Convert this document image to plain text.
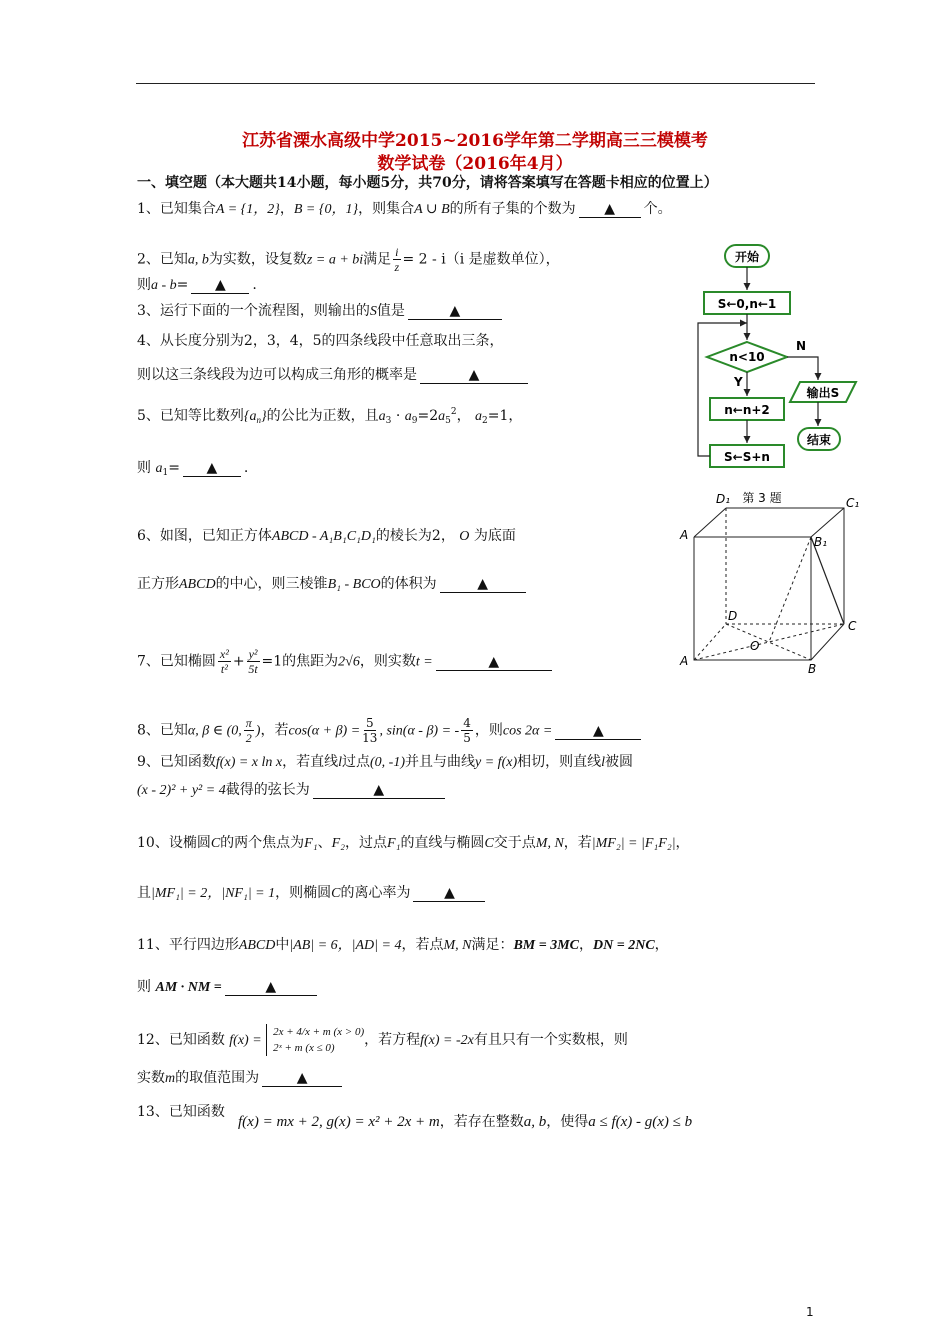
江苏省溧水高级中学2015~2016学年第二学期高三三模模考
数学试卷（2016年4月）
一、填空题（本大题共14小题，每小题5分，共70分，请将答案填写在答题卡相应的位置上）
1、已知集合A = {1，2}，B = {0，1}，则集合A ∪ B的所有子集的个数为 ▲ 个。
2、已知a, b为实数，设复数z = a + bi满足 $\frac{i}{z} = 2 - i(i$ 是虚数单位），
则a - b= ▲ .
3、运行下面的一个流程图，则输出的S值是	▲
4、从长度分别为2，3，4，5的四条线段中任意取出三条，
则以这三条线段为边可以构成三角形的概率是	▲
5、已知等比数列$\{a_n\}$的公比为正数，且$a_3 \cdot a_9=2a_5^2$， $a_2=1$，
则 $a_1=$ ▲ .
6、如图，已知正方体ABCD - A₁B₁C₁D₁的棱长为2， O 为底面
正方形ABCD的中心，则三棱锥B₁ - BCO的体积为	▲
7、已知椭圆 $\frac{\text{x²}}{\text{t²}} + \frac{\text{y²}}{5t} =1$的焦距为2√6，则实数t =	▲
8、已知α, β ∈ (0, $\frac{\pi}{2}$ )，若$\cos(\alpha + \beta) = \frac{5}{13}$ , sin(α - β) = - $\frac{4}{5}$ ，则cos 2α =	▲
9、已知函数f(x) = x ln x，若直线l过点(0, -1)并且与曲线y = f(x)相切，则直线l被圆
(x - 2)² + y² = 4截得的弦长为	▲
10、设椭圆C的两个焦点为F₁、F₂，过点F₁的直线与椭圆C交于点M, N，若|MF₂| = |F₁F₂|，
且|MF₁| = 2，|NF₁| = 1，则椭圆C的离心率为 ▲
11、平行四边形ABCD中|AB| = 6，|AD| = 4，若点M, N满足：BM = 3MC，DN = 2NC，
则 AM · NM =	▲
12、已知函数 f(x) =
2x + 4/x + m (x > 0)
2ˣ + m (x ≤ 0)	，若方程f(x) = -2x有且只有一个实数根，则
实数m的取值范围为	▲
13、已知函数
f(x) = mx + 2, g(x) = x² + 2x + m，若存在整数a, b，使得a ≤ f(x) - g(x) ≤ b
开始
S←0,n←1
n<10
Y
n←n+2
S←S+n
N
输出S
结束
第 3 题
D₁	C₁
A	B₁
D
C
A
B
O
1
